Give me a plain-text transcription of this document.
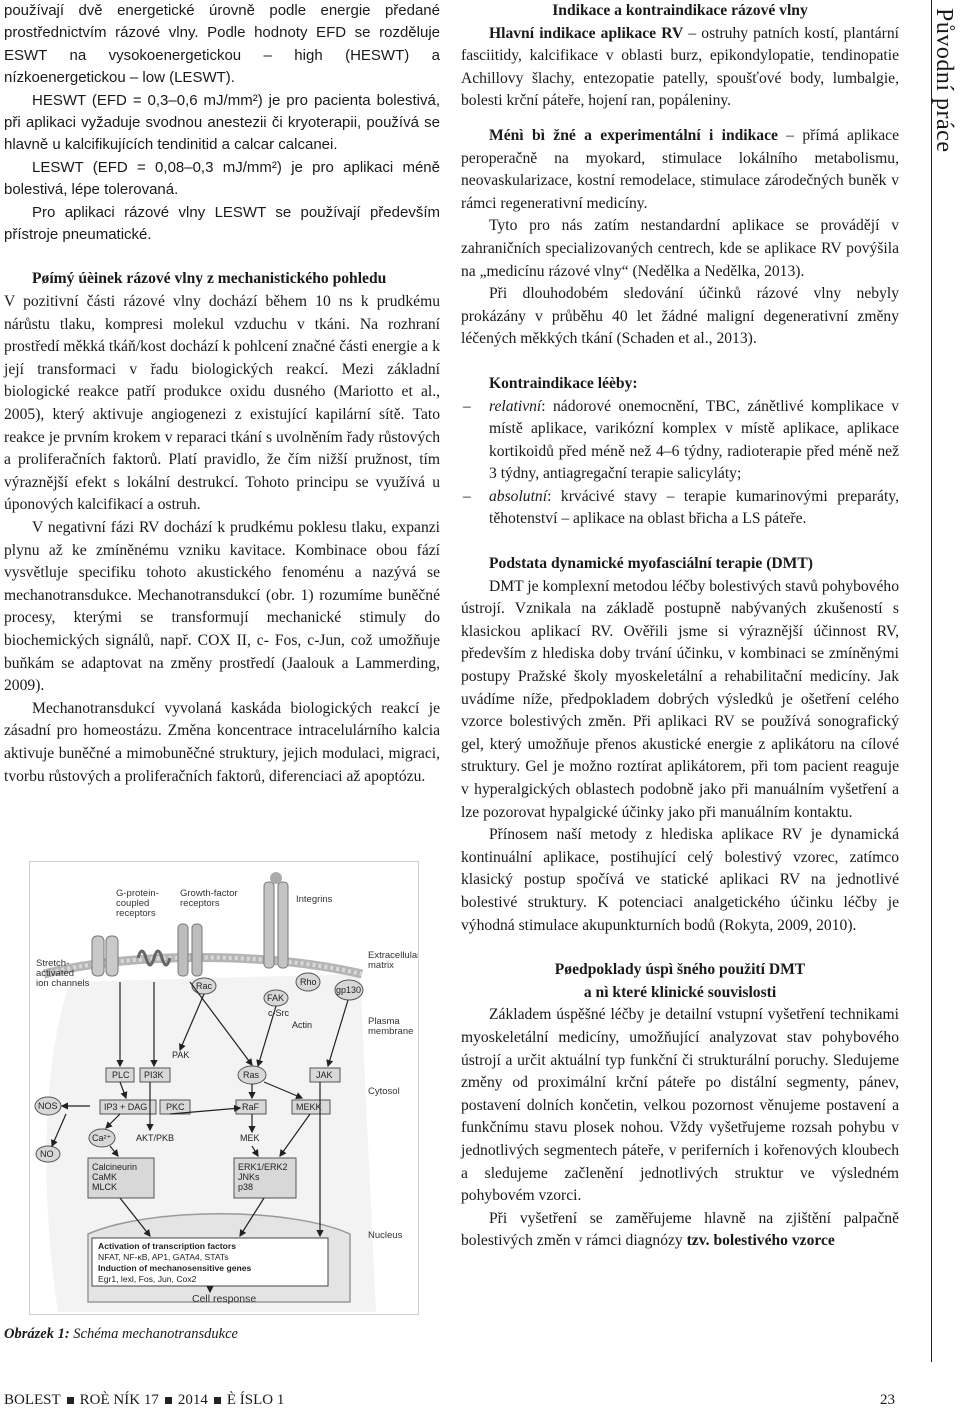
používají dvě energetické úrovně podle energie předané prostřednictvím rázové vlny. Podle hodnoty EFD se rozděluje ESWT na vysokoenergetickou – high (HESWT) a nízkoenergetickou – low (LESWT).

HESWT (EFD = 0,3–0,6 mJ/mm²) je pro pacienta bolestivá, při aplikaci vyžaduje svodnou anestezii či kryoterapii, používá se hlavně u kalcifikujících tendinitid a calcar calcanei.

LESWT (EFD = 0,08–0,3 mJ/mm²) je pro aplikaci méně bolestivá, lépe tolerovaná.

Pro aplikaci rázové vlny LESWT se používají především přístroje pneumatické.

Pøímý úèinek rázové vlny z mechanistického pohledu

V pozitivní části rázové vlny dochází během 10 ns k prudkému nárůstu tlaku, kompresi molekul vzduchu v tkáni. Na rozhraní prostředí měkká tkáň/kost dochází k pohlcení značné části energie a k její transformaci v řadu biologických reakcí. Mezi základní biologické reakce patří produkce oxidu dusného (Mariotto et al., 2005), který aktivuje angiogenezi z existující kapilární sítě. Tato reakce je prvním krokem v reparaci tkání s uvolněním řady růstových a proliferačních faktorů. Platí pravidlo, že čím nižší pružnost, tím výraznější efekt s lokální destrukcí. Tohoto principu se využívá u úponových kalcifikací a ostruh.

V negativní fázi RV dochází k prudkému poklesu tlaku, expanzi plynu až ke zmíněnému vzniku kavitace. Kombinace obou fází vysvětluje specifiku tohoto akustického fenoménu a nazývá se mechanotransdukce. Mechanotransdukcí (obr. 1) rozumíme buněčné procesy, kterými se transformují mechanické stimuly do biochemických signálů, např. COX II, c- Fos, c-Jun, což umožňuje buňkám se adaptovat na změny prostředí (Jaalouk a Lammerding, 2009).

Mechanotransdukcí vyvolaná kaskáda biologických reakcí je zásadní pro homeostázu. Změna koncentrace intracelulárního kalcia aktivuje buněčné a mimobuněčné struktury, jejich modulaci, migraci, tvorbu růstových a proliferačních faktorů, diferenciaci až apoptózu.

Stretch-activated ion channels
G-protein-coupled receptors
Growth-factor receptors	Integrins
Extracellular matrix
Plasma membrane
Cytosol
Nucleus
Cell response
gp130
Rho
Rac
FAK
c-Src
Actin
PAK
PLC PI3K	Ras	JAK
NOS	IP3 + DAG PKC	RaF	MEKK
Ca²⁺	AKT/PKB	MEK
NO
Calcineurin CaMK MLCK
ERK1/ERK2 JNKs p38
Activation of transcription factors
NFAT, NF-κB, AP1, GATA4, STATs
Induction of mechanosensitive genes
Egr1, lexl, Fos, Jun, Cox2
Obrázek 1: Schéma mechanotransdukce

Indikace a kontraindikace rázové vlny

Hlavní indikace aplikace RV – ostruhy patních kostí, plantární fasciitidy, kalcifikace v oblasti burz, epikondylopatie, tendinopatie Achillovy šlachy, entezopatie patelly, spoušťové body, lumbalgie, bolesti krční páteře, hojení ran, popáleniny.

Ménì bì žné a experimentální i indikace – přímá aplikace peroperačně na myokard, stimulace lokálního metabolismu, neovaskularizace, kostní remodelace, stimulace zárodečných buněk v rámci regenerativní medicíny.

Tyto pro nás zatím nestandardní aplikace se provádějí v zahraničních specializovaných centrech, kde se aplikace RV povýšila na „medicínu rázové vlny“ (Nedělka a Nedělka, 2013).

Při dlouhodobém sledování účinků rázové vlny nebyly prokázány v průběhu 40 let žádné maligní degenerativní změny léčených měkkých tkání (Schaden et al., 2013).

Kontraindikace léèby:

– relativní: nádorové onemocnění, TBC, zánětlivé komplikace v místě aplikace, varikózní komplex v místě aplikace, aplikace kortikoidů před méně než 4–6 týdny, radioterapie před méně než 3 týdny, antiagregační terapie salicyláty;
– absolutní: krvácivé stavy – terapie kumarinovými preparáty, těhotenství – aplikace na oblast břicha a LS páteře.

Podstata dynamické myofasciální terapie (DMT)

DMT je komplexní metodou léčby bolestivých stavů pohybového ústrojí. Vznikala na základě postupně nabývaných zkušeností s klasickou aplikací RV. Ověřili jsme si výraznější účinnost RV, především z hlediska doby trvání účinku, v kombinaci se zmíněnými postupy Pražské školy myoskeletální a rehabilitační medicíny. Jak uvádíme níže, předpokladem dobrých výsledků je ošetření celého vzorce bolestivých změn. Při aplikaci RV se používá sonografický gel, který umožňuje přenos akustické energie z aplikátoru na cílové struktury. Gel je možno roztírat aplikátorem, při tom pacient reaguje v hyperalgických oblastech podobně jako při manuálním vyšetření a lze pozorovat hypalgické účinky jako při manuálním kontaktu.

Přínosem naší metody z hlediska aplikace RV je dynamická kontinuální aplikace, postihující celý bolestivý vzorec, zatímco klasický postup spočívá ve statické aplikaci RV na jednotlivé bolestivé struktury. K potenciaci analgetického účinku léčby je výhodná stimulace akupunkturních bodů (Rokyta, 2009, 2010).

Pøedpoklady úspì šného použití DMT

a nì které klinické souvislosti

Základem úspěšné léčby je detailní vstupní vyšetření technikami myoskeletální medicíny, umožňující analyzovat stav pohybového ústrojí a určit aktuální typ funkční či strukturální poruchy. Sledujeme změny od proximální krční páteře po distální segmenty, pánev, postavení dolních končetin, velkou pozornost věnujeme postavení a funkčnímu stavu plosek nohou. Vždy vyšetřujeme rozsah pohybu v jednotlivých segmentech páteře, v periferních i kořenových kloubech a sledujeme začlenění jednotlivých struktur ve výsledném pohybovém vzorci.

Při vyšetření se zaměřujeme hlavně na zjištění palpačně bolestivých změn v rámci diagnózy tzv. bolestivého vzorce

Původní práce
BOLEST ROÈ NÍK 17 2014 È ÍSLO 1	23
